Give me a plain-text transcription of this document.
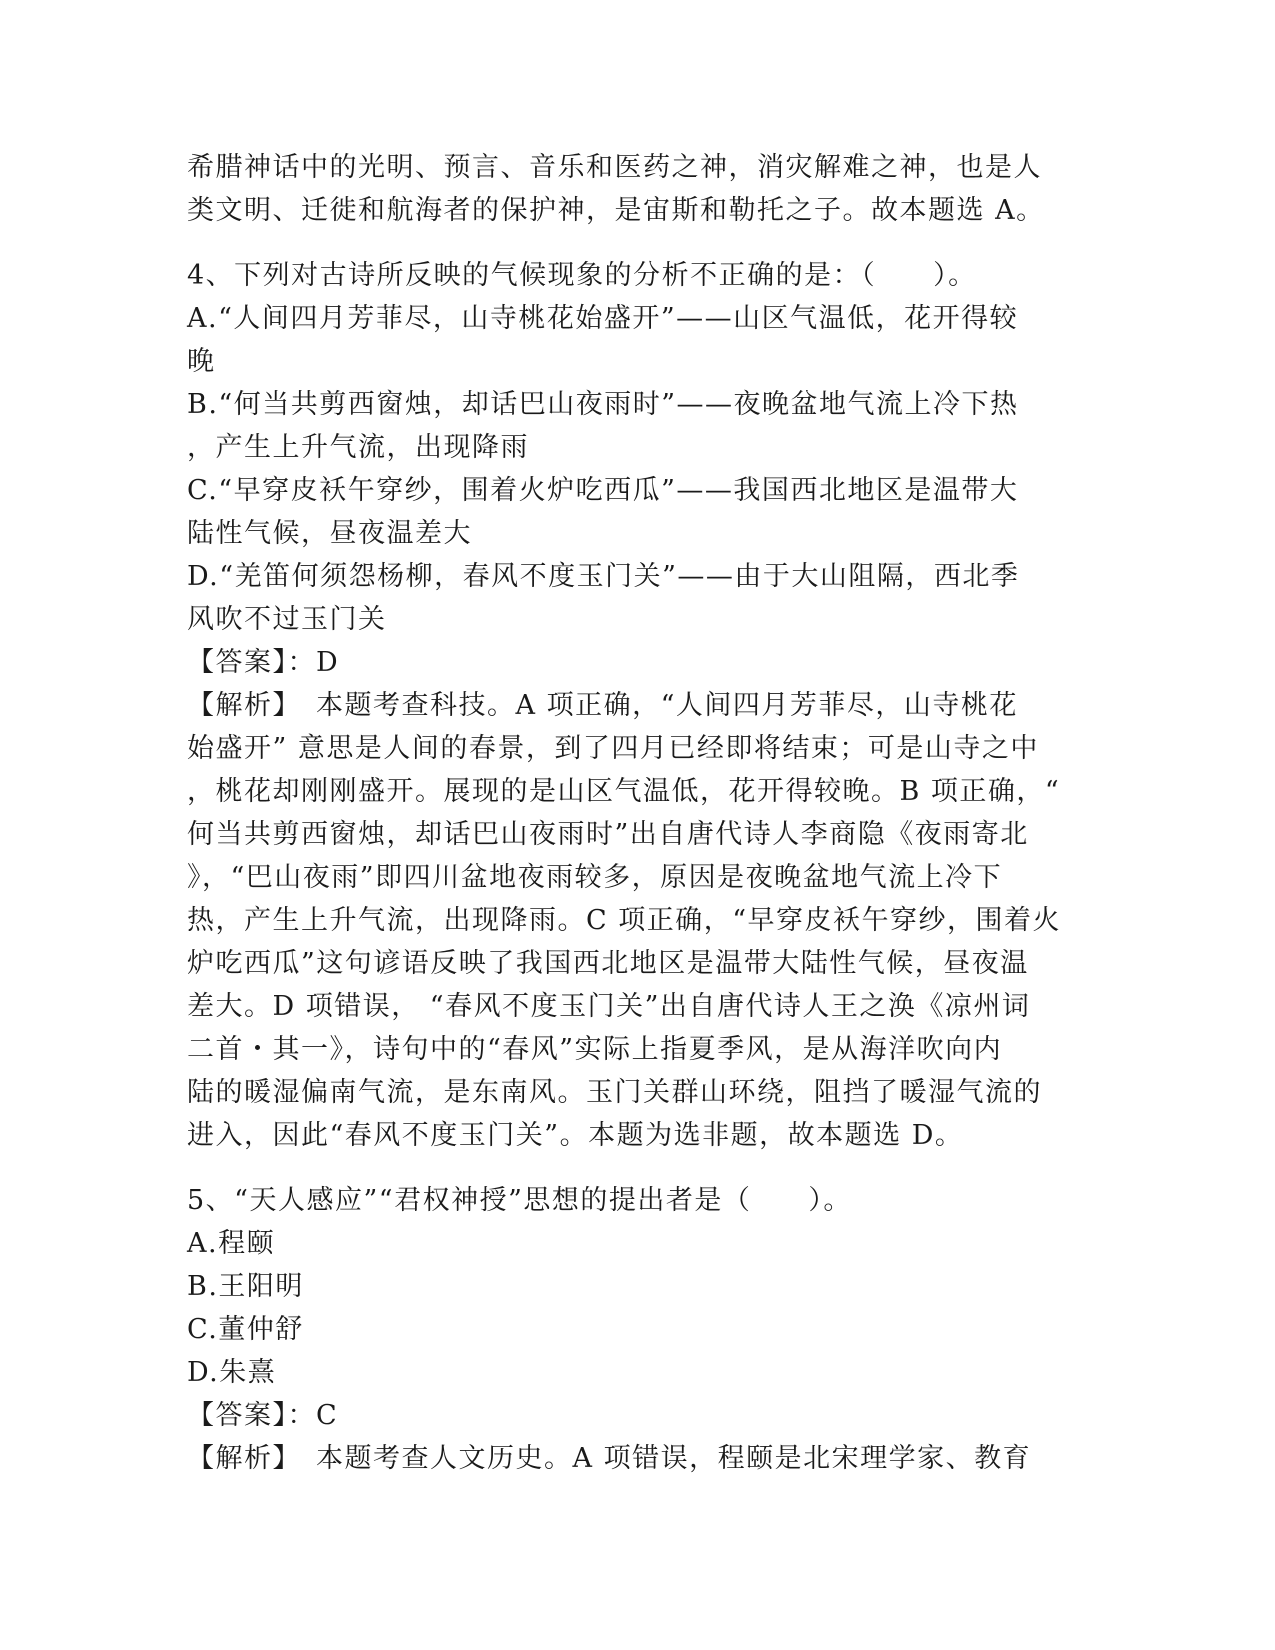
希腊神话中的光明、预言、音乐和医药之神，消灾解难之神，也是人
类文明、迁徙和航海者的保护神，是宙斯和勒托之子。故本题选 A。
4、下列对古诗所反映的气候现象的分析不正确的是：（　　）。
A.“人间四月芳菲尽，山寺桃花始盛开”——山区气温低，花开得较
晚
B.“何当共剪西窗烛，却话巴山夜雨时”——夜晚盆地气流上冷下热
，产生上升气流，出现降雨
C.“早穿皮袄午穿纱，围着火炉吃西瓜”——我国西北地区是温带大
陆性气候，昼夜温差大
D.“羌笛何须怨杨柳，春风不度玉门关”——由于大山阻隔，西北季
风吹不过玉门关
【答案】：D
【解析】　本题考查科技。A 项正确，“人间四月芳菲尽，山寺桃花
始盛开” 意思是人间的春景，到了四月已经即将结束；可是山寺之中
，桃花却刚刚盛开。展现的是山区气温低，花开得较晚。B 项正确，“
何当共剪西窗烛，却话巴山夜雨时”出自唐代诗人李商隐《夜雨寄北
》，“巴山夜雨”即四川盆地夜雨较多，原因是夜晚盆地气流上冷下
热，产生上升气流，出现降雨。C 项正确，“早穿皮袄午穿纱，围着火
炉吃西瓜”这句谚语反映了我国西北地区是温带大陆性气候，昼夜温
差大。D 项错误， “春风不度玉门关”出自唐代诗人王之涣《凉州词
二首・其一》，诗句中的“春风”实际上指夏季风，是从海洋吹向内
陆的暖湿偏南气流，是东南风。玉门关群山环绕，阻挡了暖湿气流的
进入，因此“春风不度玉门关”。本题为选非题，故本题选 D。
5、“天人感应”“君权神授”思想的提出者是（　　）。
A.程颐
B.王阳明
C.董仲舒
D.朱熹
【答案】：C
【解析】　本题考查人文历史。A 项错误，程颐是北宋理学家、教育
